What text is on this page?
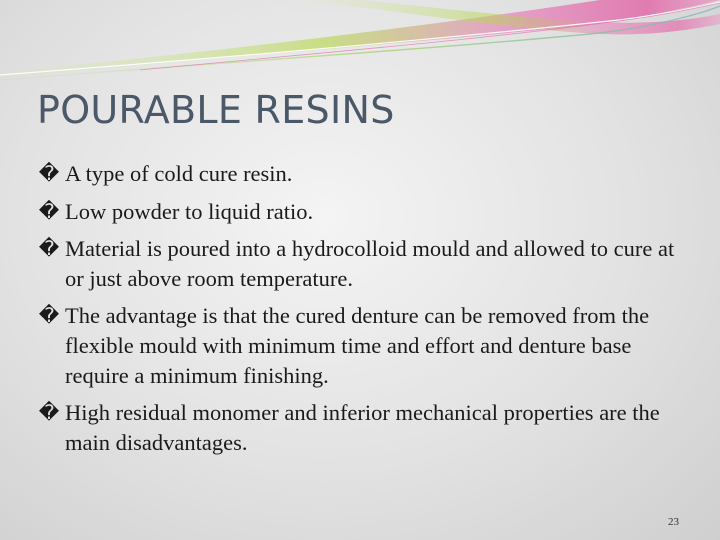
POURABLE RESINS
� A type of cold cure resin.
� Low powder to liquid ratio.
� Material is poured into a hydrocolloid mould and allowed to cure at or just above room temperature.
� The advantage is that the cured denture can be removed from the flexible mould with minimum time and effort and denture base require a minimum finishing.
� High residual monomer and inferior mechanical properties are the main disadvantages.
23
